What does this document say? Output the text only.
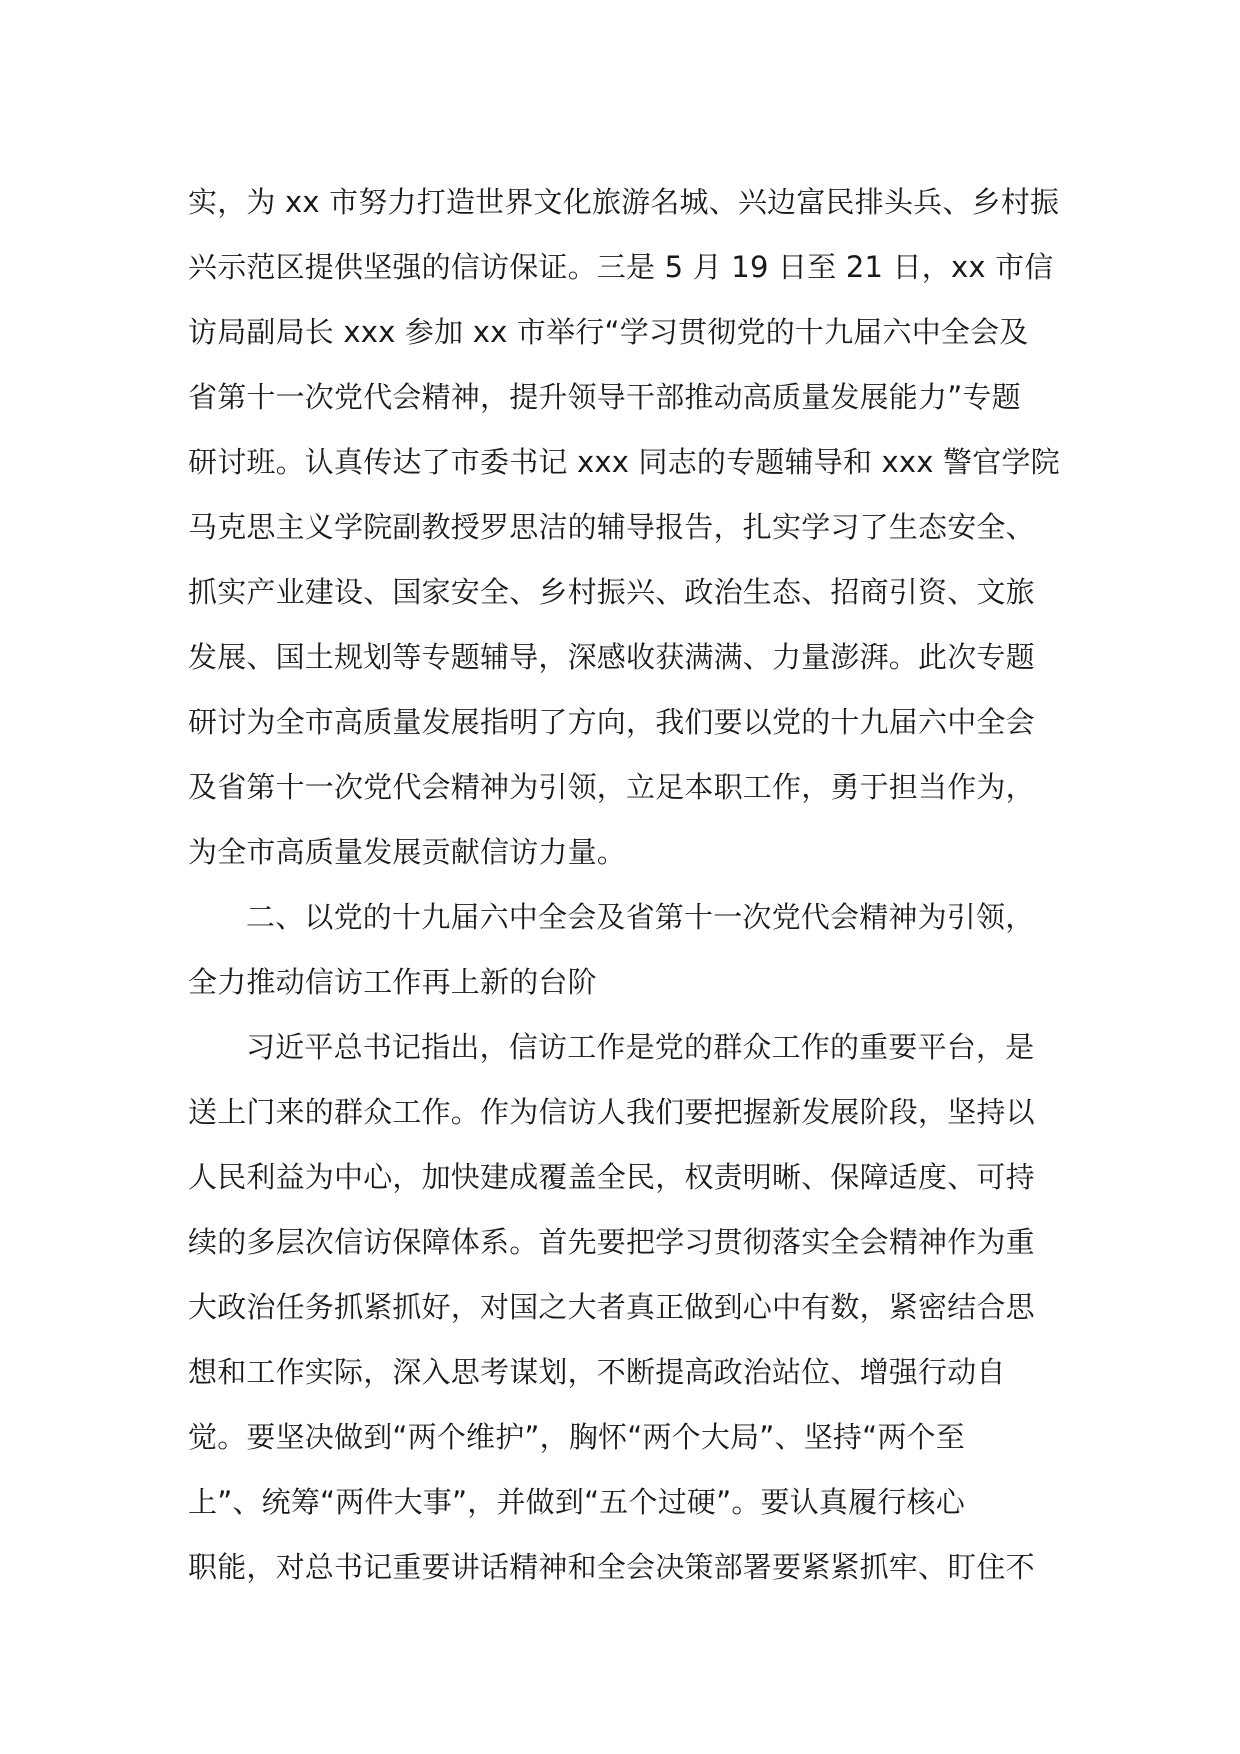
实，为 xx 市努力打造世界文化旅游名城、兴边富民排头兵、乡村振
兴示范区提供坚强的信访保证。三是 5 月 19 日至 21 日，xx 市信
访局副局长 xxx 参加 xx 市举行“学习贯彻党的十九届六中全会及
省第十一次党代会精神，提升领导干部推动高质量发展能力”专题
研讨班。认真传达了市委书记 xxx 同志的专题辅导和 xxx 警官学院
马克思主义学院副教授罗思洁的辅导报告，扎实学习了生态安全、
抓实产业建设、国家安全、乡村振兴、政治生态、招商引资、文旅
发展、国土规划等专题辅导，深感收获满满、力量澎湃。此次专题
研讨为全市高质量发展指明了方向，我们要以党的十九届六中全会
及省第十一次党代会精神为引领，立足本职工作，勇于担当作为，
为全市高质量发展贡献信访力量。
二、以党的十九届六中全会及省第十一次党代会精神为引领，
全力推动信访工作再上新的台阶
习近平总书记指出，信访工作是党的群众工作的重要平台，是
送上门来的群众工作。作为信访人我们要把握新发展阶段，坚持以
人民利益为中心，加快建成覆盖全民，权责明晰、保障适度、可持
续的多层次信访保障体系。首先要把学习贯彻落实全会精神作为重
大政治任务抓紧抓好，对国之大者真正做到心中有数，紧密结合思
想和工作实际，深入思考谋划，不断提高政治站位、增强行动自
觉。要坚决做到“两个维护”，胸怀“两个大局”、坚持“两个至
上”、统筹“两件大事”，并做到“五个过硬”。要认真履行核心
职能，对总书记重要讲话精神和全会决策部署要紧紧抓牢、盯住不
